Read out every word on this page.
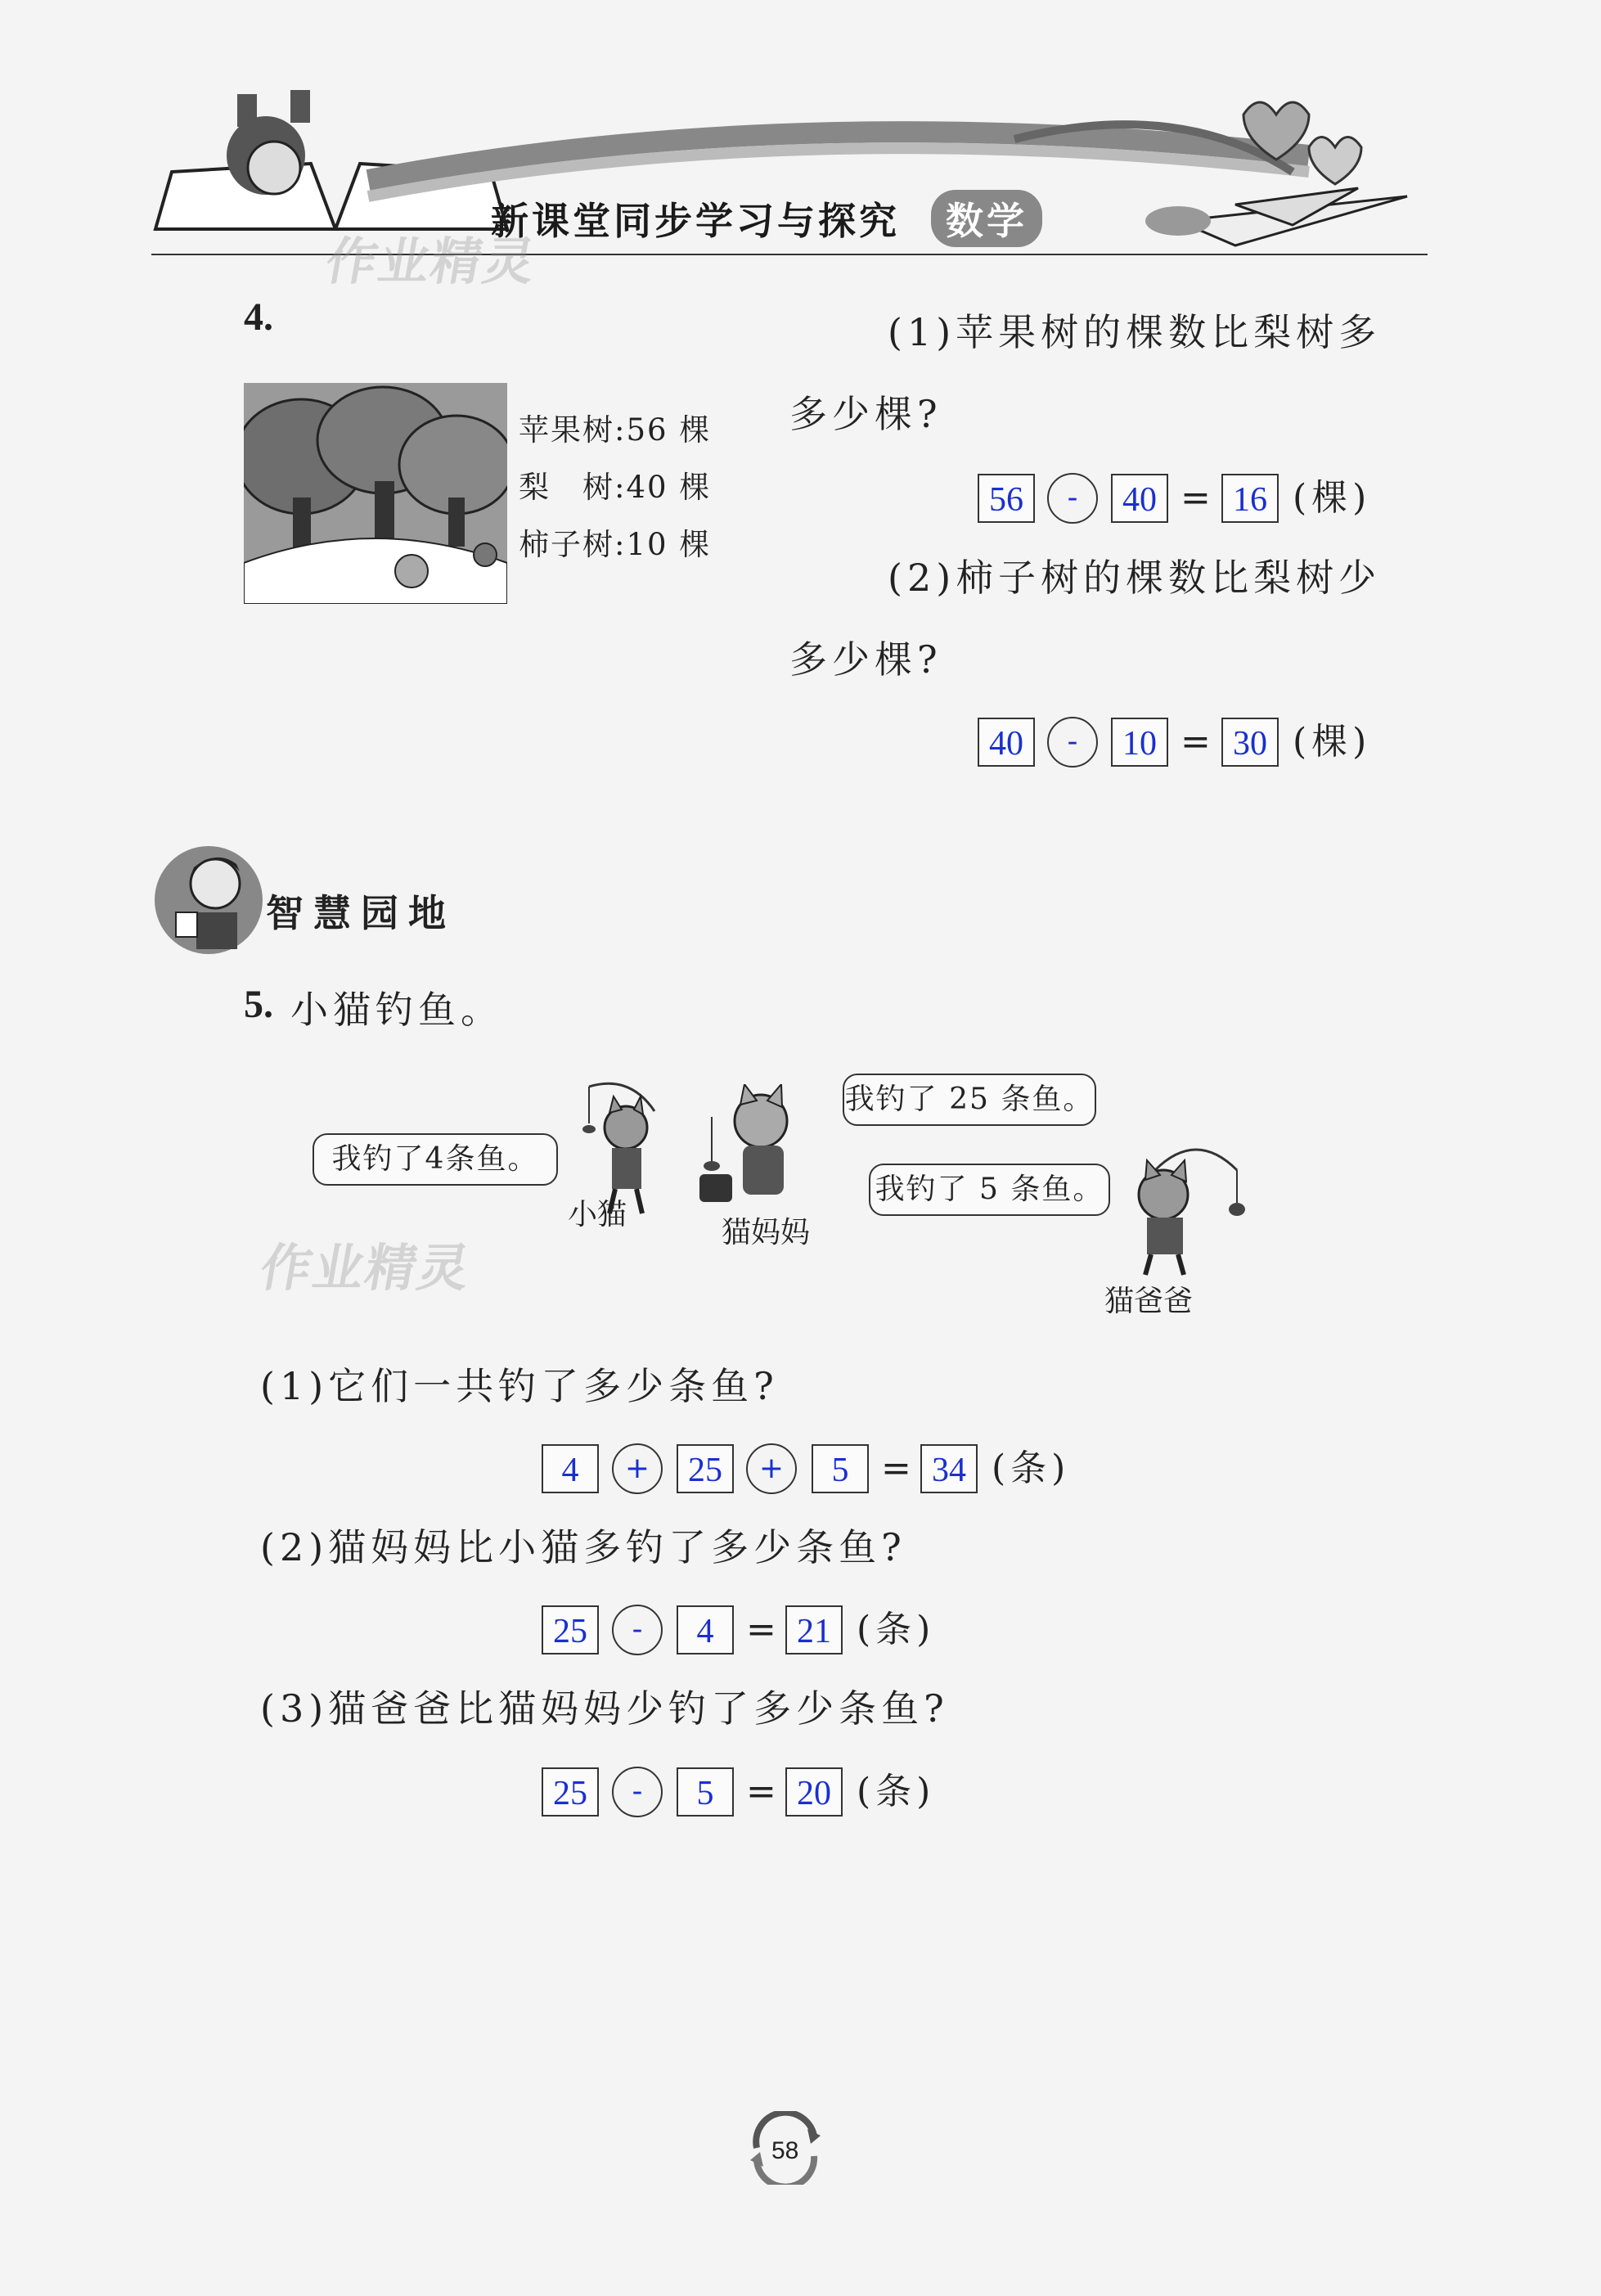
新课堂同步学习与探究 数学
作业精灵
4.
苹果树:56 棵
梨　树:40 棵
柿子树:10 棵
(1)苹果树的棵数比梨树多
多少棵?
56	-	40 = 16 (棵)
(2)柿子树的棵数比梨树少
多少棵?
40	-	10 = 30 (棵)
智慧园地
5. 小猫钓鱼。
作业精灵
我钓了4条鱼。
我钓了 25 条鱼。
我钓了 5 条鱼。
小猫
猫妈妈
猫爸爸
(1)它们一共钓了多少条鱼?
4	+	25	+	5 = 34 (条)
(2)猫妈妈比小猫多钓了多少条鱼?
25	-	4 = 21 (条)
(3)猫爸爸比猫妈妈少钓了多少条鱼?
25	-	5 = 20 (条)
58
